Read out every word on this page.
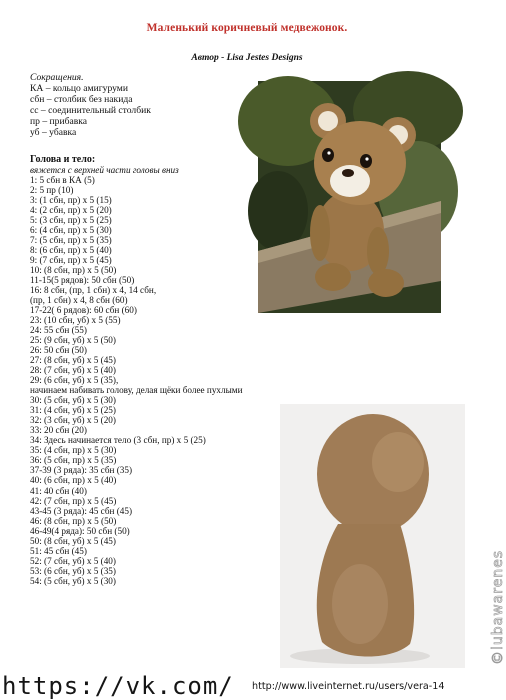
Маленький коричневый медвежонок.
Автор - Lisa Jestes Designs
Сокращения.
КА – кольцо амигуруми
сбн – столбик без накида
сс – соединительный столбик
пр – прибавка
уб – убавка
Голова и тело:
вяжется с верхней части головы вниз
1: 5 сбн в КА (5)
2: 5 пр (10)
3: (1 сбн, пр) х 5 (15)
4: (2 сбн, пр) х 5 (20)
5: (3 сбн, пр) х 5 (25)
6: (4 сбн, пр) х 5 (30)
7: (5 сбн, пр) х 5 (35)
8: (6 сбн, пр) х 5 (40)
9: (7 сбн, пр) х 5 (45)
10: (8 сбн, пр) х 5 (50)
11-15(5 рядов): 50 сбн (50)
16: 8 сбн, (пр, 1 сбн) х 4, 14 сбн,
(пр, 1 сбн) х 4, 8 сбн (60)
17-22( 6 рядов): 60 сбн (60)
23: (10 сбн, уб) х 5 (55)
24: 55 сбн (55)
25: (9 сбн, уб) х 5 (50)
26: 50 сбн (50)
27: (8 сбн, уб) х 5 (45)
28: (7 сбн, уб) х 5 (40)
29: (6 сбн, уб) х 5 (35),
начинаем набивать голову, делая щёки более пухлыми
30: (5 сбн, уб) х 5 (30)
31: (4 сбн, уб) х 5 (25)
32: (3 сбн, уб) х 5 (20)
33: 20 сбн (20)
34: Здесь начинается тело (3 сбн, пр) х 5 (25)
35: (4 сбн, пр) х 5 (30)
36: (5 сбн, пр) х 5 (35)
37-39 (3 ряда): 35 сбн (35)
40: (6 сбн, пр) х 5 (40)
41: 40 сбн (40)
42: (7 сбн, пр) х 5 (45)
43-45 (3 ряда): 45 сбн (45)
46: (8 сбн, пр) х 5 (50)
46-49(4 ряда): 50 сбн (50)
50: (8 сбн, уб) х 5 (45)
51: 45 сбн (45)
52: (7 сбн, уб) х 5 (40)
53: (6 сбн, уб) х 5 (35)
54: (5 сбн, уб) х 5 (30)	©lubawarenes
https://vk.com/ http://www.liveinternet.ru/users/vera-14
